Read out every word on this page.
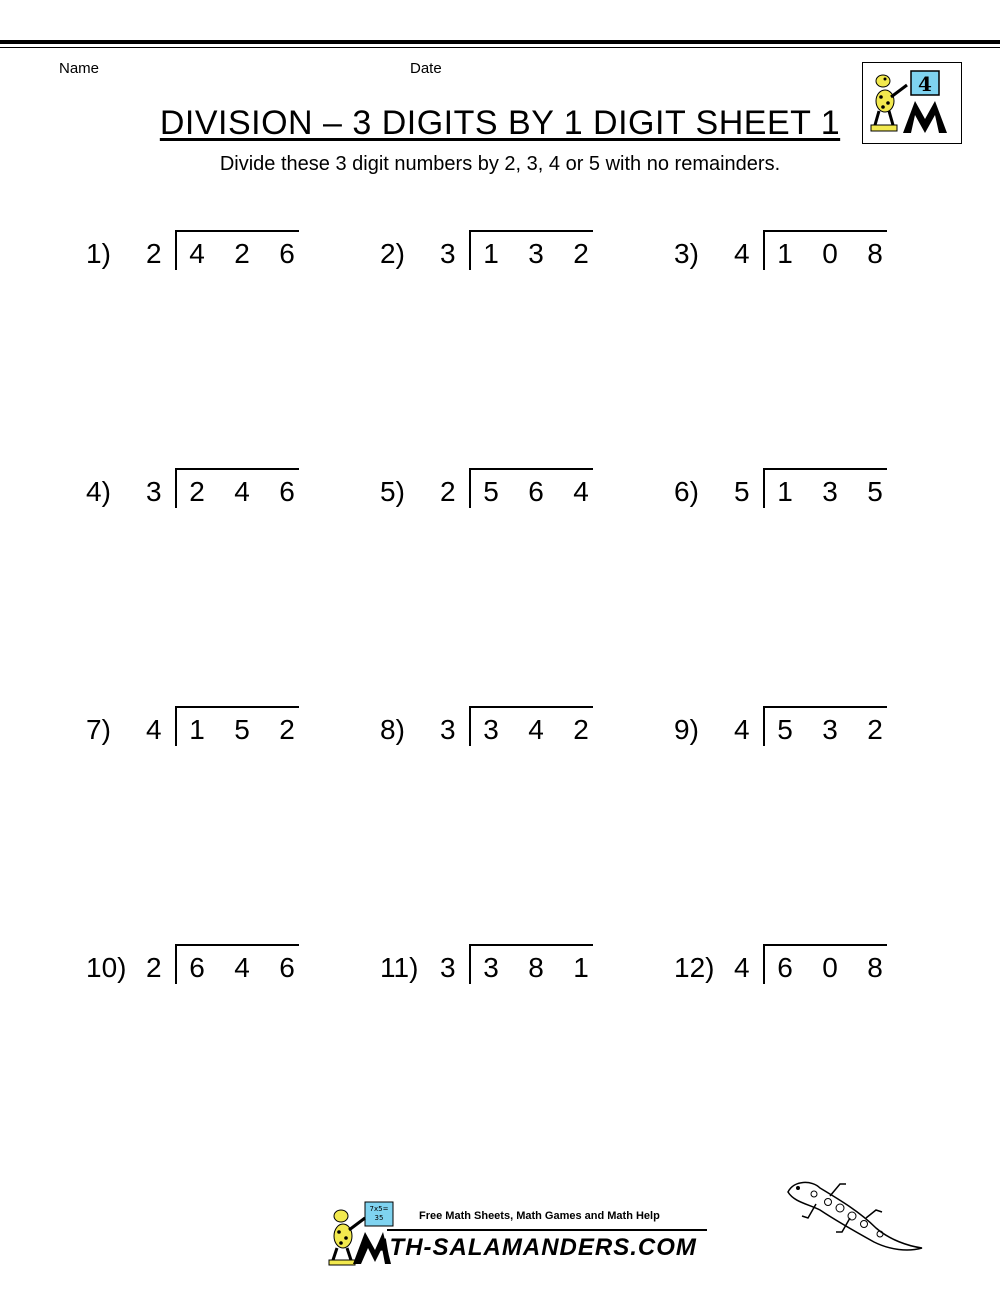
Name	Date
4
DIVISION – 3 DIGITS BY 1 DIGIT SHEET 1
Divide these 3 digit numbers by 2, 3, 4 or 5 with no remainders.
1) 2 4 2 6	2) 3 1 3 2	3) 4 1 0 8
4) 3 2 4 6	5) 2 5 6 4	6) 5 1 3 5
7) 4 1 5 2	8) 3 3 4 2	9) 4 5 3 2
10) 2 6 4 6	11) 3 3 8 1	12) 4 6 0 8
7x5=
35	Free Math Sheets, Math Games and Math Help
ATH-SALAMANDERS.COM
